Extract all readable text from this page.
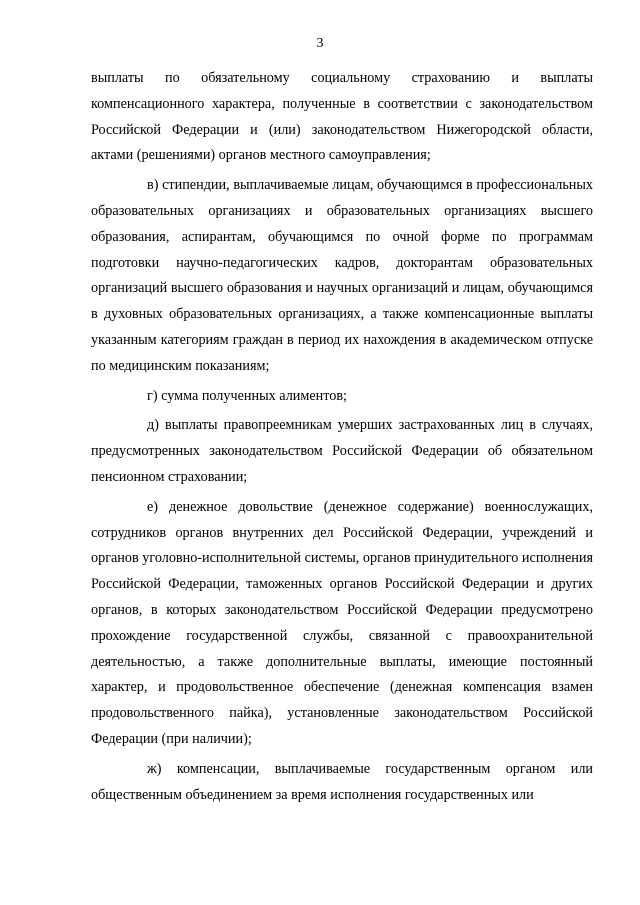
3

выплаты по обязательному социальному страхованию и выплаты компенсационного характера, полученные в соответствии с законодательством Российской Федерации и (или) законодательством Нижегородской области, актами (решениями) органов местного самоуправления;

в) стипендии, выплачиваемые лицам, обучающимся в профессиональных образовательных организациях и образовательных организациях высшего образования, аспирантам, обучающимся по очной форме по программам подготовки научно-педагогических кадров, докторантам образовательных организаций высшего образования и научных организаций и лицам, обучающимся в духовных образовательных организациях, а также компенсационные выплаты указанным категориям граждан в период их нахождения в академическом отпуске по медицинским показаниям;

г) сумма полученных алиментов;

д) выплаты правопреемникам умерших застрахованных лиц в случаях, предусмотренных законодательством Российской Федерации об обязательном пенсионном страховании;

е) денежное довольствие (денежное содержание) военнослужащих, сотрудников органов внутренних дел Российской Федерации, учреждений и органов уголовно-исполнительной системы, органов принудительного исполнения Российской Федерации, таможенных органов Российской Федерации и других органов, в которых законодательством Российской Федерации предусмотрено прохождение государственной службы, связанной с правоохранительной деятельностью, а также дополнительные выплаты, имеющие постоянный характер, и продовольственное обеспечение (денежная компенсация взамен продовольственного пайка), установленные законодательством Российской Федерации (при наличии);

ж) компенсации, выплачиваемые государственным органом или общественным объединением за время исполнения государственных или
